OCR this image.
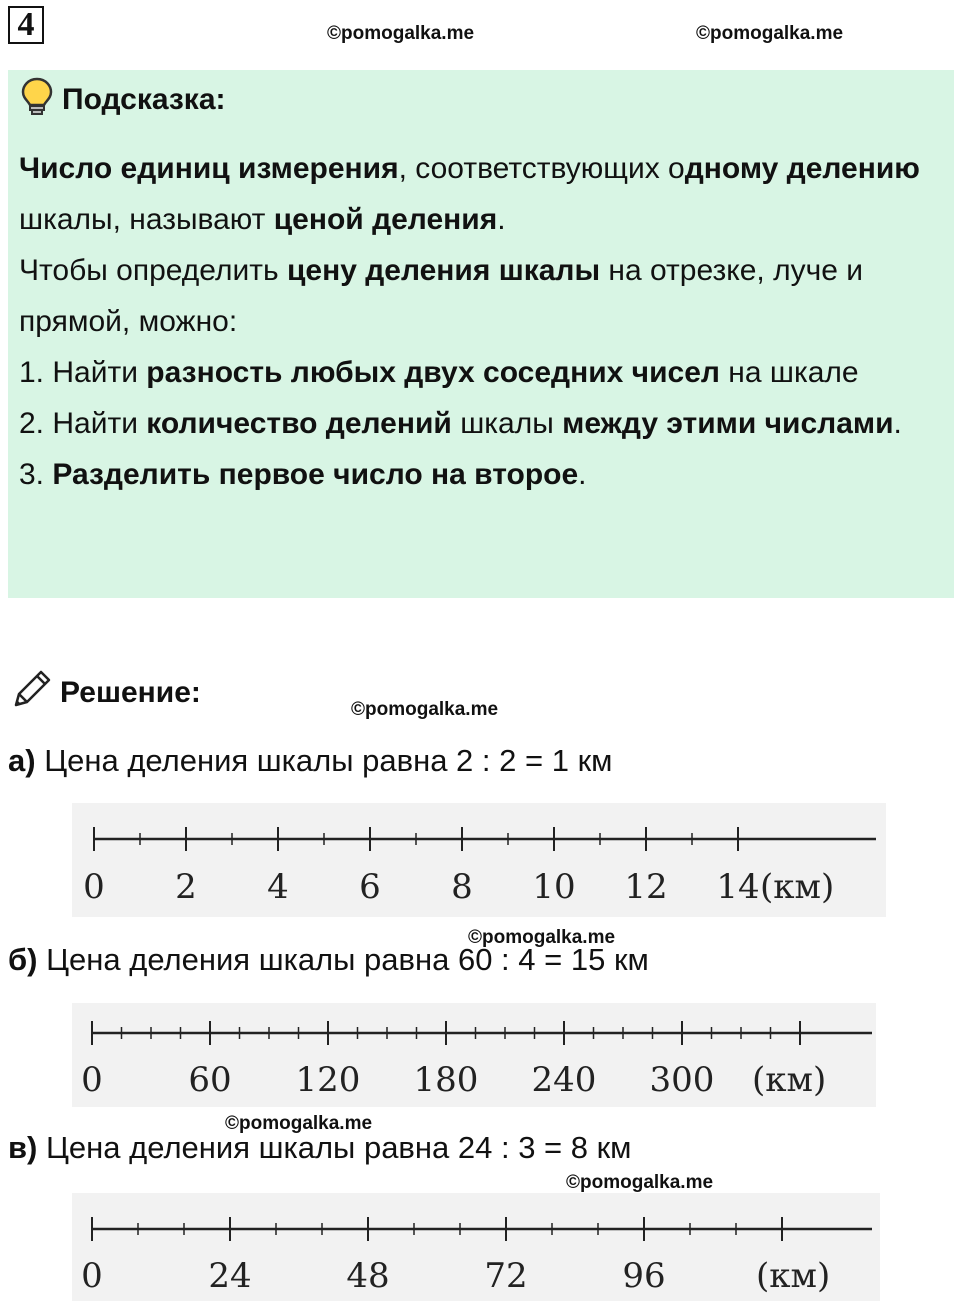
4	©pomogalka.me	©pomogalka.me
Подсказка:

Число единиц измерения, соответствующих одному делению шкалы, называют ценой деления.

Чтобы определить цену деления шкалы на отрезке, луче и прямой, можно:

1. Найти разность любых двух соседних чисел на шкале

2. Найти количество делений шкалы между этими числами.

3. Разделить первое число на второе.

Решение:
©pomogalka.me
а) Цена деления шкалы равна 2 : 2 = 1 км
0 2 4 6 8 10 12 14 (км)
©pomogalka.me
б) Цена деления шкалы равна 60 : 4 = 15 км
0	60 120 180 240 300 (км)
©pomogalka.me
в) Цена деления шкалы равна 24 : 3 = 8 км
©pomogalka.me
0	24	48	72	96	(км)
